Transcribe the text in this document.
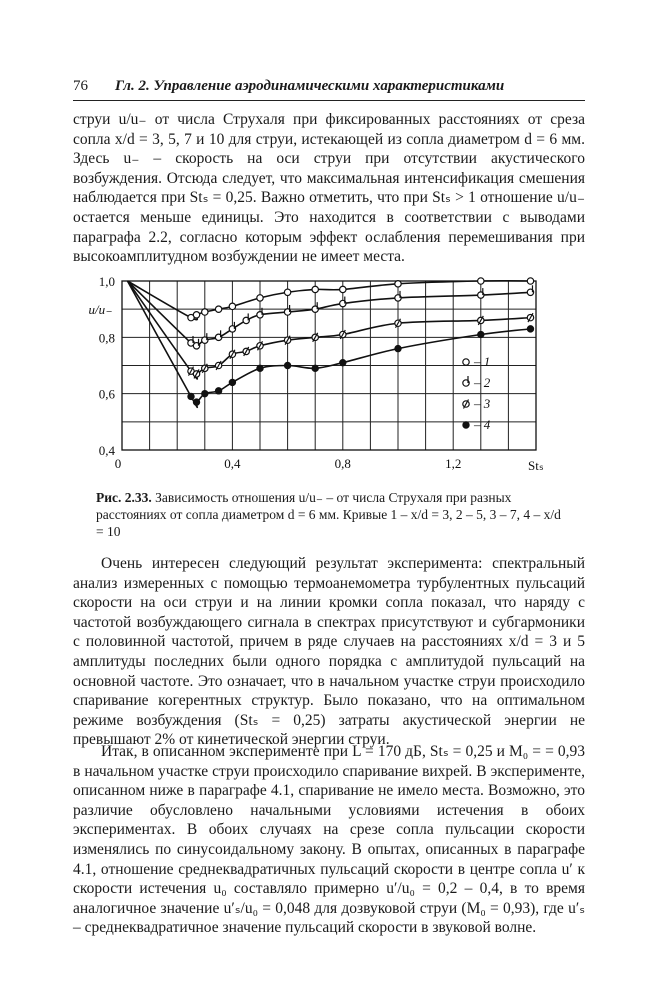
76 Гл. 2. Управление аэродинамическими характеристиками

струи u/u₋ от числа Струхаля при фиксированных расстояниях от среза сопла x/d = 3, 5, 7 и 10 для струи, истекающей из сопла диаметром d = 6 мм. Здесь u₋ – скорость на оси струи при отсутствии акустического возбуждения. Отсюда следует, что максимальная интенсификация смешения наблюдается при Stₛ = 0,25. Важно отметить, что при Stₛ > 1 отношение u/u₋ остается меньше единицы. Это находится в соответствии с выводами параграфа 2.2, согласно которым эффект ослабления перемешивания при высокоамплитудном возбуждении не имеет места.

0,4
0,6
0,8
1,0
0	0,4	0,8	1,2
u/u₋
Stₛ
– 1
– 2
– 3
– 4

Рис. 2.33. Зависимость отношения u/u₋ – от числа Струхаля при разных расстояниях от сопла диаметром d = 6 мм. Кривые 1 – x/d = 3, 2 – 5, 3 – 7, 4 – x/d = 10

Очень интересен следующий результат эксперимента: спектральный анализ измеренных с помощью термоанемометра турбулентных пульсаций скорости на оси струи и на линии кромки сопла показал, что наряду с частотой возбуждающего сигнала в спектрах присутствуют и субгармоники с половинной частотой, причем в ряде случаев на расстояниях x/d = 3 и 5 амплитуды последних были одного порядка с амплитудой пульсаций на основной частоте. Это означает, что в начальном участке струи происходило спаривание когерентных структур. Было показано, что на оптимальном режиме возбуждения (Stₛ = 0,25) затраты акустической энергии не превышают 2% от кинетической энергии струи.

Итак, в описанном эксперименте при L = 170 дБ, Stₛ = 0,25 и M₀ = = 0,93 в начальном участке струи происходило спаривание вихрей. В эксперименте, описанном ниже в параграфе 4.1, спаривание не имело места. Возможно, это различие обусловлено начальными условиями истечения в обоих экспериментах. В обоих случаях на срезе сопла пульсации скорости изменялись по синусоидальному закону. В опытах, описанных в параграфе 4.1, отношение среднеквадратичных пульсаций скорости в центре сопла u′ к скорости истечения u₀ составляло примерно u′/u₀ = 0,2 – 0,4, в то время аналогичное значение u′ₛ/u₀ = 0,048 для дозвуковой струи (M₀ = 0,93), где u′ₛ – среднеквадратичное значение пульсаций скорости в звуковой волне.
